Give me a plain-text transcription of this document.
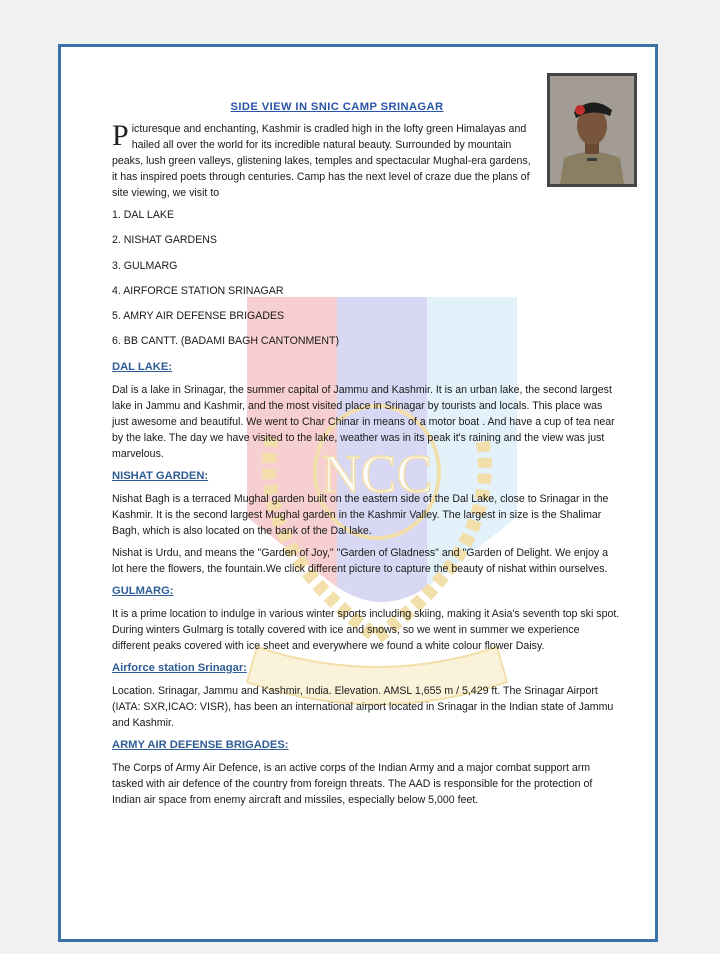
NCC
SIDE VIEW IN SNIC CAMP SRINAGAR

Picturesque and enchanting, Kashmir is cradled high in the lofty green Himalayas and hailed all over the world for its incredible natural beauty. Surrounded by mountain peaks, lush green valleys, glistening lakes, temples and spectacular Mughal-era gardens, it has inspired poets through centuries. Camp has the next level of craze due the plans of site viewing, we visit to

1. DAL LAKE
2. NISHAT GARDENS
3. GULMARG
4. AIRFORCE STATION SRINAGAR
5. AMRY AIR DEFENSE BRIGADES
6. BB CANTT. (BADAMI BAGH CANTONMENT)
DAL LAKE:

Dal is a lake in Srinagar, the summer capital of Jammu and Kashmir. It is an urban lake, the second largest lake in Jammu and Kashmir, and the most visited place in Srinagar by tourists and locals. This place was just awesome and beautiful. We went to Char Chinar in means of a motor boat . And have a cup of tea near by the lake. The day we have visited to the lake, weather was in its peak it's raining and the view was just marvelous.

NISHAT GARDEN:

Nishat Bagh is a terraced Mughal garden built on the eastern side of the Dal Lake, close to Srinagar in the Kashmir. It is the second largest Mughal garden in the Kashmir Valley. The largest in size is the Shalimar Bagh, which is also located on the bank of the Dal lake.

Nishat is Urdu, and means the "Garden of Joy," "Garden of Gladness" and "Garden of Delight. We enjoy a lot here the flowers, the fountain.We click different picture to capture the beauty of nishat within ourselves.

GULMARG:

It is a prime location to indulge in various winter sports including skiing, making it Asia's seventh top ski spot. During winters Gulmarg is totally covered with ice and snows, so we went in summer we experience different peaks covered with ice sheet and everywhere we found a white colour flower Daisy.

Airforce station Srinagar:

Location. Srinagar, Jammu and Kashmir, India. Elevation. AMSL 1,655 m / 5,429 ft. The Srinagar Airport (IATA: SXR,ICAO: VISR), has been an international airport located in Srinagar in the Indian state of Jammu and Kashmir.

ARMY AIR DEFENSE BRIGADES:

The Corps of Army Air Defence, is an active corps of the Indian Army and a major combat support arm tasked with air defence of the country from foreign threats. The AAD is responsible for the protection of Indian air space from enemy aircraft and missiles, especially below 5,000 feet.
